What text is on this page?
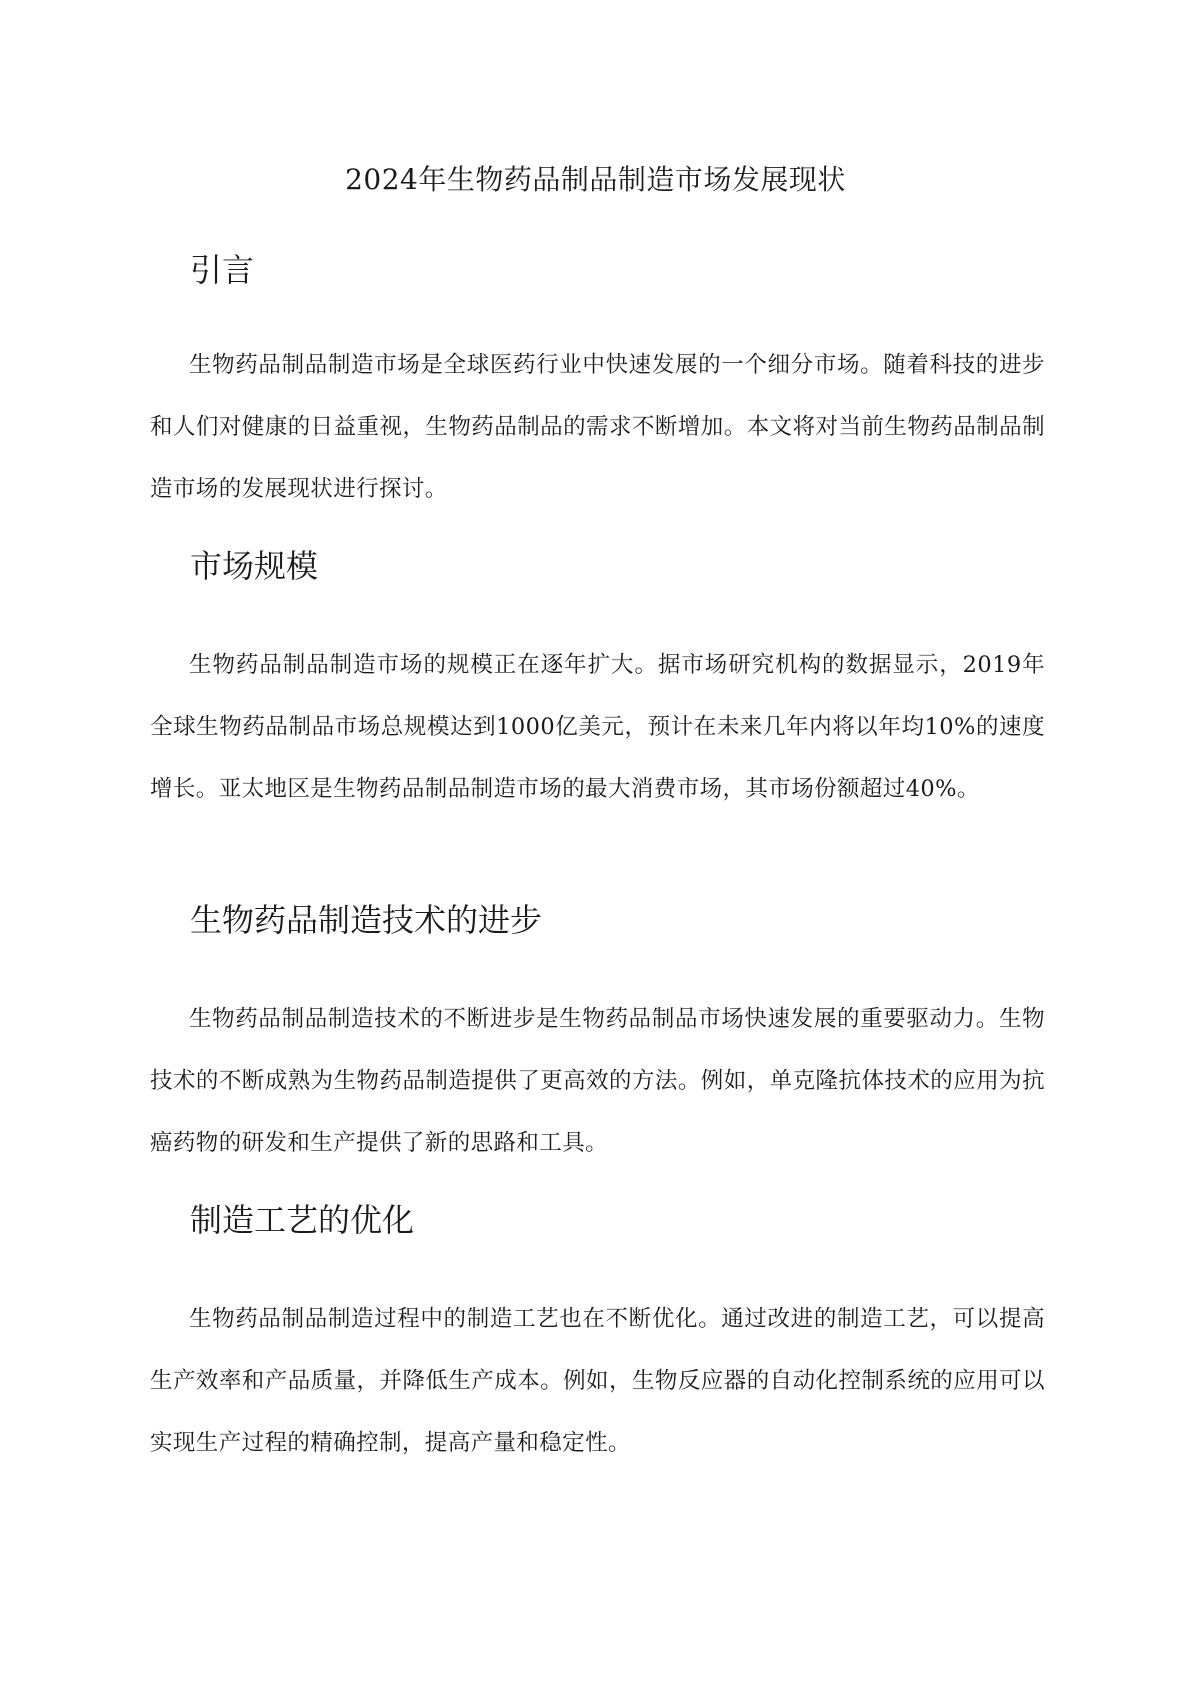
2024年生物药品制品制造市场发展现状
引言

生物药品制品制造市场是全球医药行业中快速发展的一个细分市场。随着科技的进步和人们对健康的日益重视，生物药品制品的需求不断增加。本文将对当前生物药品制品制造市场的发展现状进行探讨。

市场规模

生物药品制品制造市场的规模正在逐年扩大。据市场研究机构的数据显示，2019年全球生物药品制品市场总规模达到1000亿美元，预计在未来几年内将以年均10%的速度增长。亚太地区是生物药品制品制造市场的最大消费市场，其市场份额超过40%。

生物药品制造技术的进步

生物药品制品制造技术的不断进步是生物药品制品市场快速发展的重要驱动力。生物技术的不断成熟为生物药品制造提供了更高效的方法。例如，单克隆抗体技术的应用为抗癌药物的研发和生产提供了新的思路和工具。

制造工艺的优化

生物药品制品制造过程中的制造工艺也在不断优化。通过改进的制造工艺，可以提高生产效率和产品质量，并降低生产成本。例如，生物反应器的自动化控制系统的应用可以实现生产过程的精确控制，提高产量和稳定性。
